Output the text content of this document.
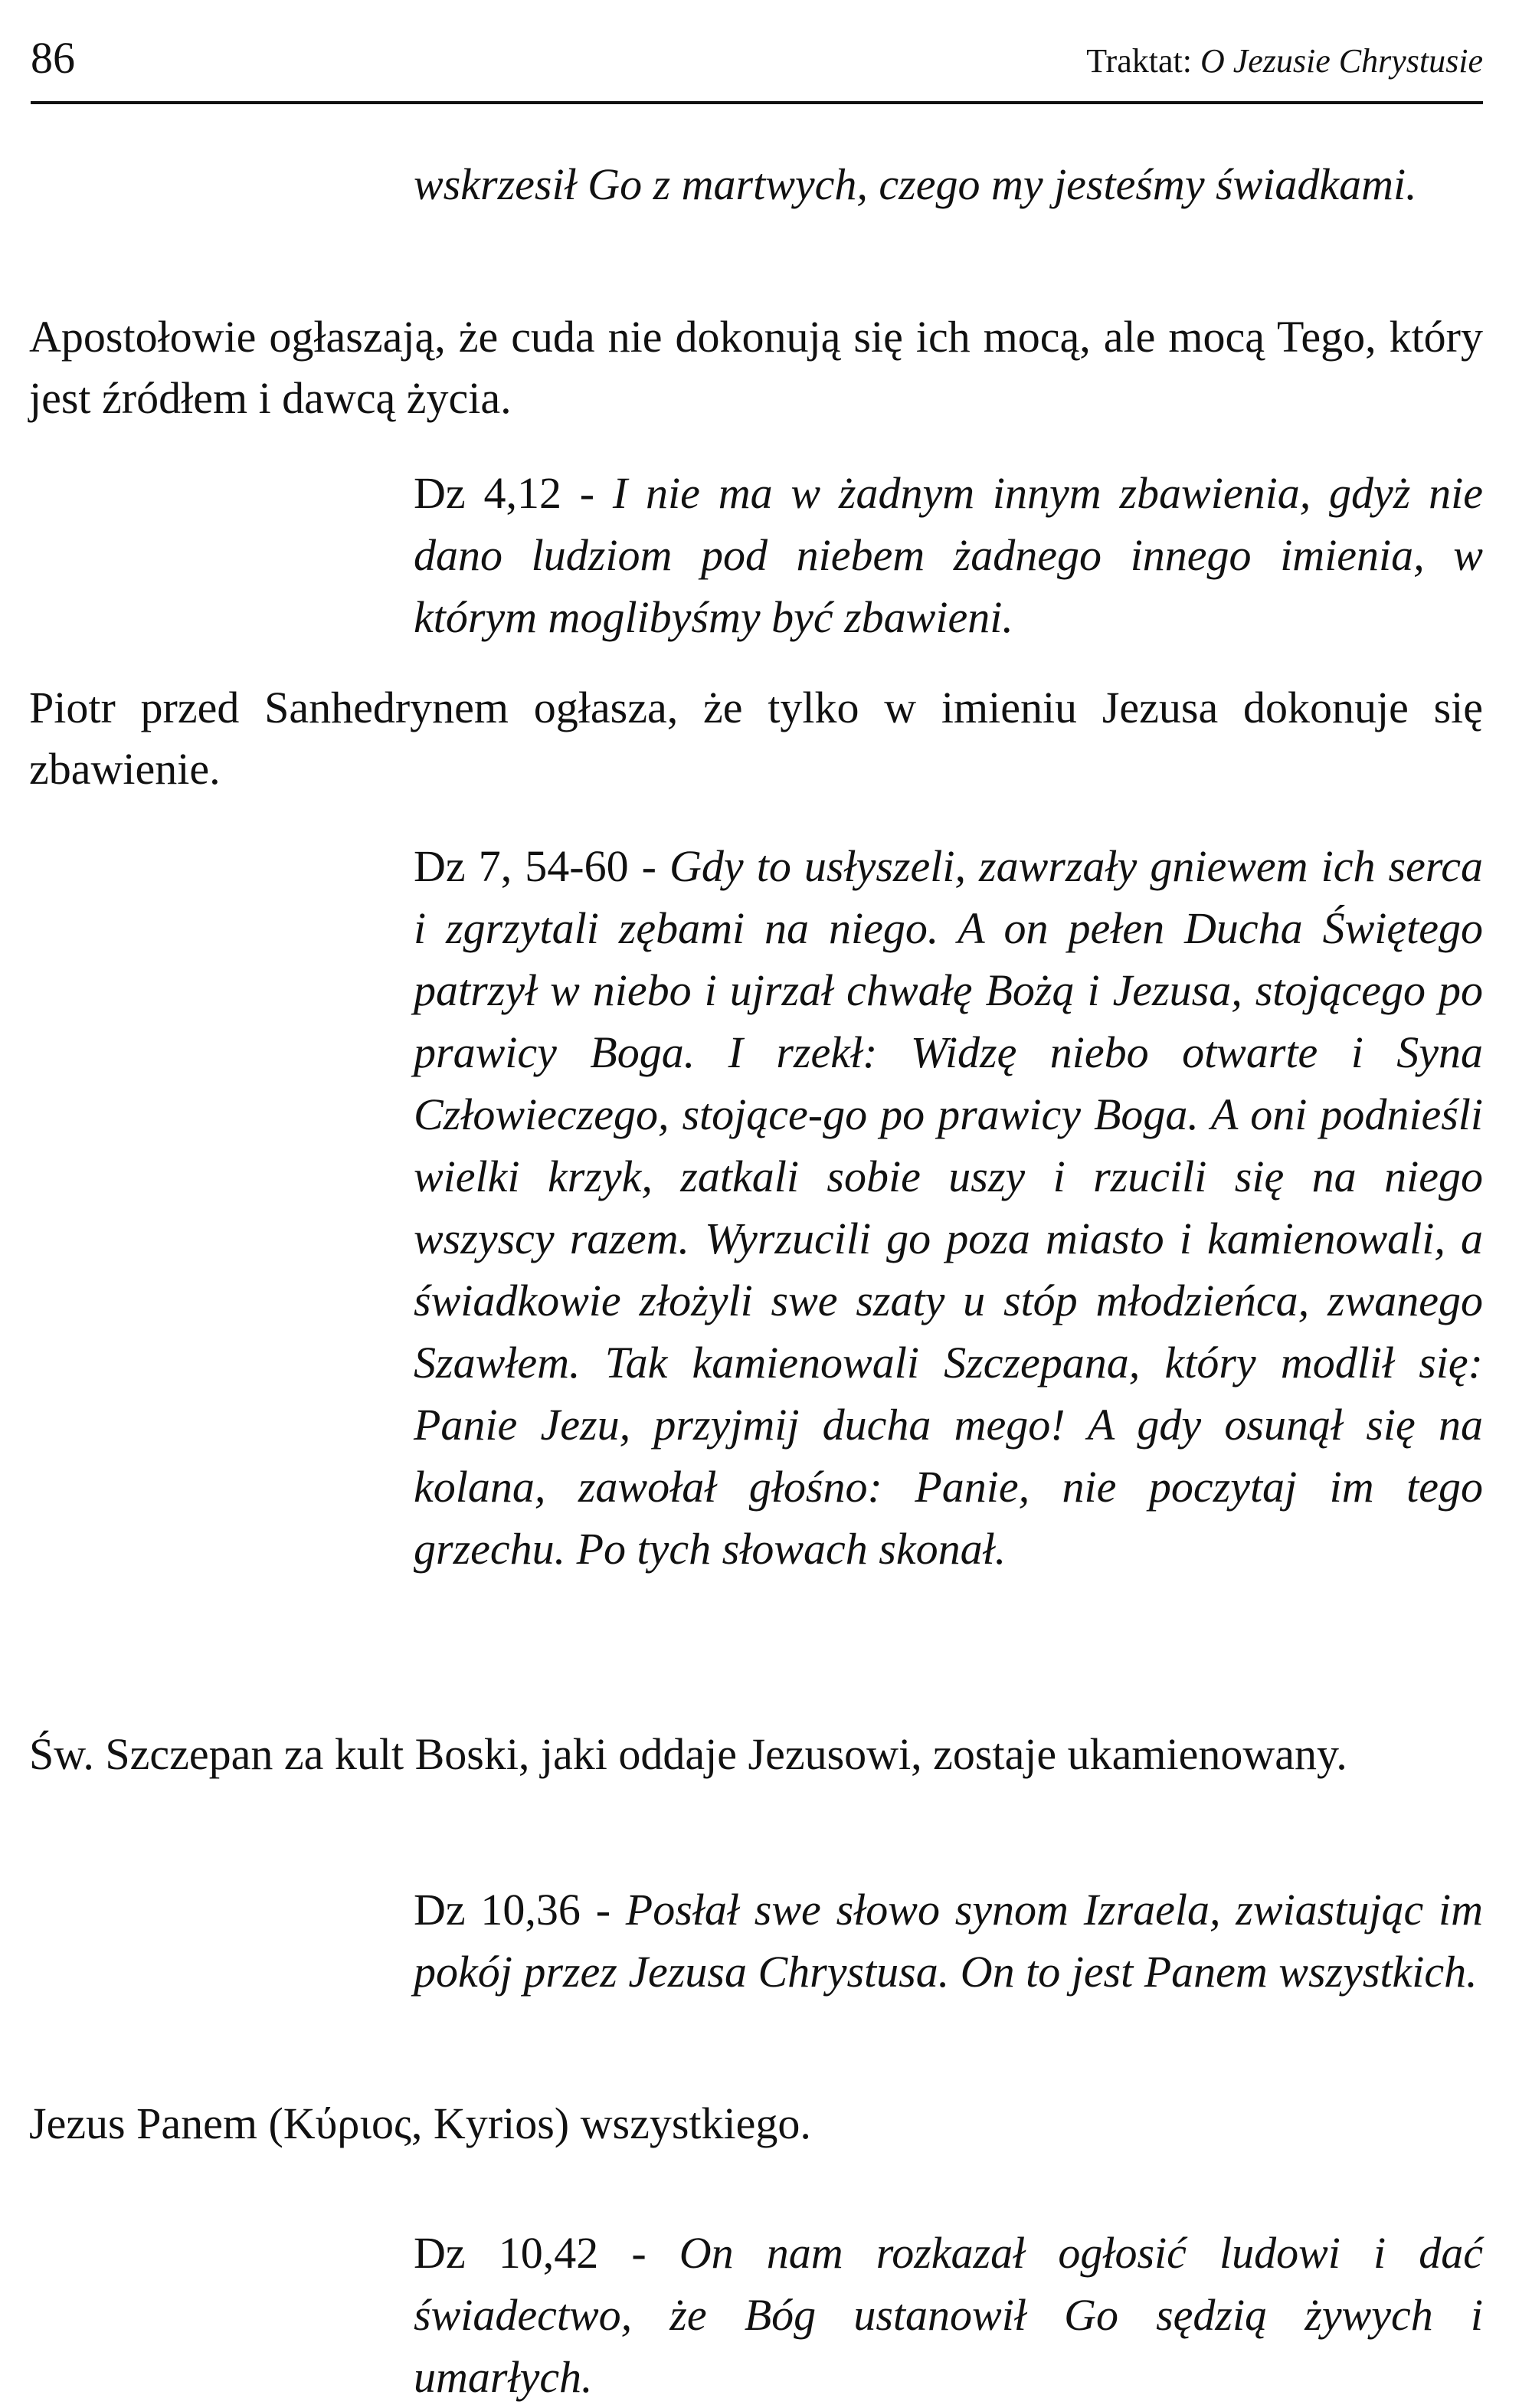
86	Traktat: O Jezusie Chrystusie

wskrzesił Go z martwych, czego my jesteśmy świadkami.

Apostołowie ogłaszają, że cuda nie dokonują się ich mocą, ale mocą Tego, który jest źródłem i dawcą życia.

Dz 4,12 - I nie ma w żadnym innym zbawienia, gdyż nie dano ludziom pod niebem żadnego innego imienia, w którym moglibyśmy być zbawieni.

Piotr przed Sanhedrynem ogłasza, że tylko w imieniu Jezusa dokonuje się zbawienie.

Dz 7, 54-60 - Gdy to usłyszeli, zawrzały gniewem ich serca i zgrzytali zębami na niego. A on pełen Ducha Świętego patrzył w niebo i ujrzał chwałę Bożą i Jezusa, stojącego po prawicy Boga. I rzekł: Widzę niebo otwarte i Syna Człowieczego, stojące-go po prawicy Boga. A oni podnieśli wielki krzyk, zatkali sobie uszy i rzucili się na niego wszyscy razem. Wyrzucili go poza miasto i kamienowali, a świadkowie złożyli swe szaty u stóp młodzieńca, zwanego Szawłem. Tak kamienowali Szczepana, który modlił się: Panie Jezu, przyjmij ducha mego! A gdy osunął się na kolana, zawołał głośno: Panie, nie poczytaj im tego grzechu. Po tych słowach skonał.

Św. Szczepan za kult Boski, jaki oddaje Jezusowi, zostaje ukamienowany.

Dz 10,36 - Posłał swe słowo synom Izraela, zwiastując im pokój przez Jezusa Chrystusa. On to jest Panem wszystkich.

Jezus Panem (Κύριος, Kyrios) wszystkiego.

Dz 10,42 - On nam rozkazał ogłosić ludowi i dać świadectwo, że Bóg ustanowił Go sędzią żywych i umarłych.
